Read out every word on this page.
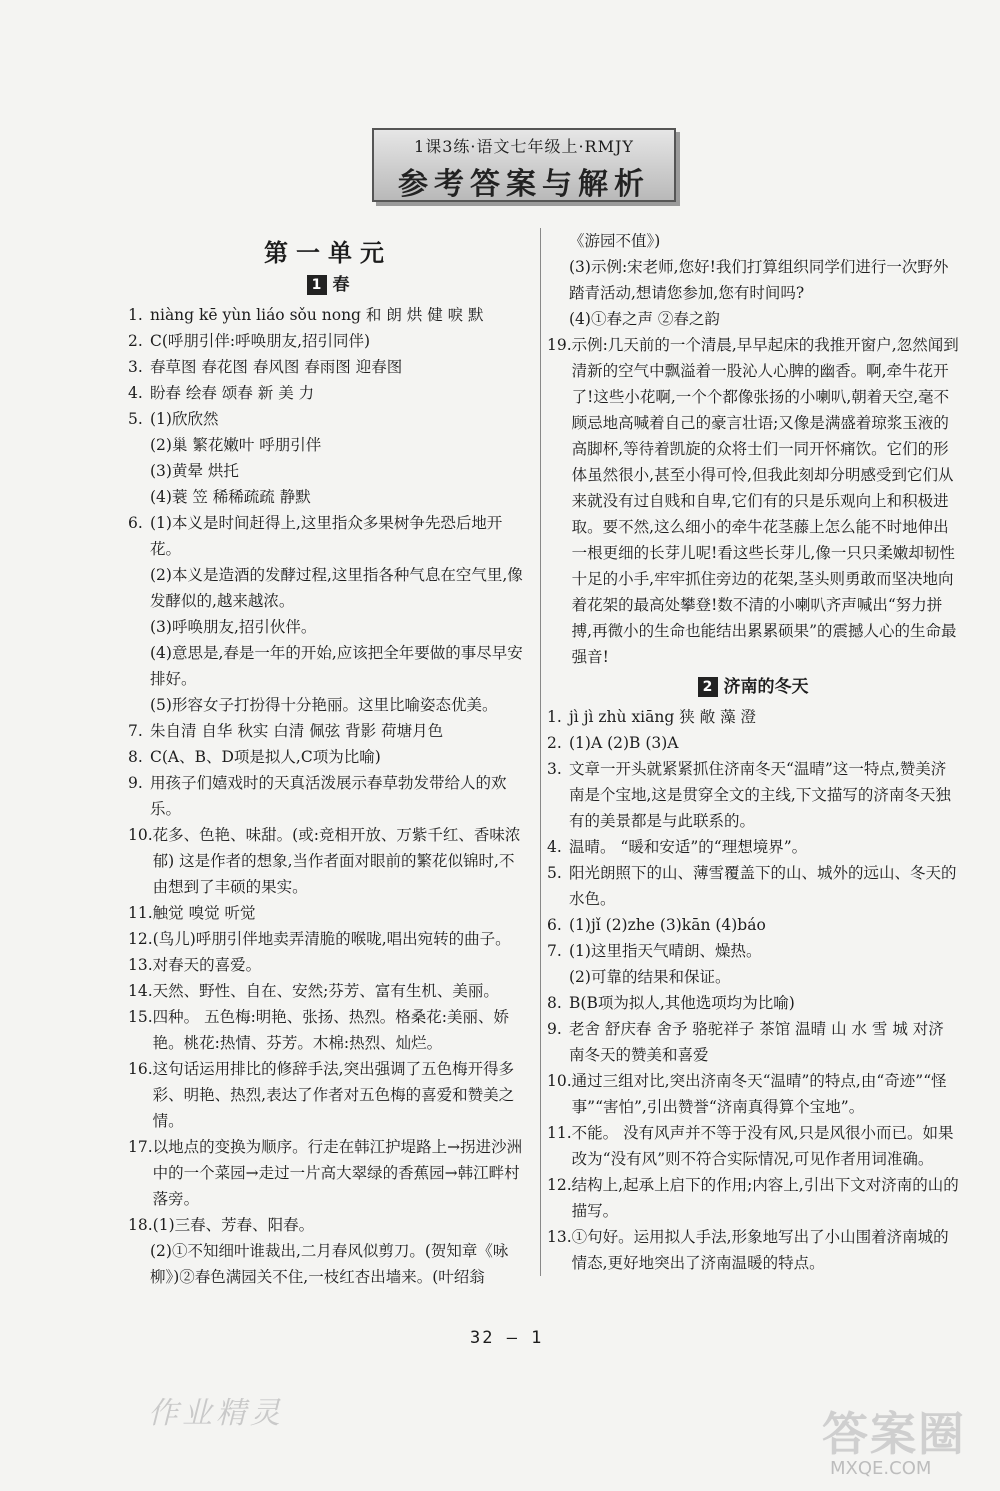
1课3练·语文七年级上·RMJY
参考答案与解析
第一单元
1 春
1. niàng kē yùn liáo sǒu nong 和 朗 烘 健 唳 默
2. C(呼朋引伴:呼唤朋友,招引同伴)
3. 春草图 春花图 春风图 春雨图 迎春图
4. 盼春 绘春 颂春 新 美 力
5. (1)欣欣然
(2)巢 繁花嫩叶 呼朋引伴
(3)黄晕 烘托
(4)蓑 笠 稀稀疏疏 静默
6. (1)本义是时间赶得上,这里指众多果树争先恐后地开花。
(2)本义是造酒的发酵过程,这里指各种气息在空气里,像发酵似的,越来越浓。
(3)呼唤朋友,招引伙伴。
(4)意思是,春是一年的开始,应该把全年要做的事尽早安排好。
(5)形容女子打扮得十分艳丽。这里比喻姿态优美。
7. 朱自清 自华 秋实 白清 佩弦 背影 荷塘月色
8. C(A、B、D项是拟人,C项为比喻)
9. 用孩子们嬉戏时的天真活泼展示春草勃发带给人的欢乐。
10. 花多、色艳、味甜。(或:竞相开放、万紫千红、香味浓郁) 这是作者的想象,当作者面对眼前的繁花似锦时,不由想到了丰硕的果实。
11. 触觉 嗅觉 听觉
12. (鸟儿)呼朋引伴地卖弄清脆的喉咙,唱出宛转的曲子。
13. 对春天的喜爱。
14. 天然、野性、自在、安然;芬芳、富有生机、美丽。
15. 四种。 五色梅:明艳、张扬、热烈。格桑花:美丽、娇艳。桃花:热情、芬芳。木棉:热烈、灿烂。
16. 这句话运用排比的修辞手法,突出强调了五色梅开得多彩、明艳、热烈,表达了作者对五色梅的喜爱和赞美之情。
17. 以地点的变换为顺序。行走在韩江护堤路上→拐进沙洲中的一个菜园→走过一片高大翠绿的香蕉园→韩江畔村落旁。
18. (1)三春、芳春、阳春。
(2)①不知细叶谁裁出,二月春风似剪刀。(贺知章《咏柳》)②春色满园关不住,一枝红杏出墙来。(叶绍翁
《游园不值》)
(3)示例:宋老师,您好!我们打算组织同学们进行一次野外踏青活动,想请您参加,您有时间吗?
(4)①春之声 ②春之韵
19. 示例:几天前的一个清晨,早早起床的我推开窗户,忽然闻到清新的空气中飘溢着一股沁人心脾的幽香。啊,牵牛花开了!这些小花啊,一个个都像张扬的小喇叭,朝着天空,毫不顾忌地高喊着自己的豪言壮语;又像是满盛着琼浆玉液的高脚杯,等待着凯旋的众将士们一同开怀痛饮。它们的形体虽然很小,甚至小得可怜,但我此刻却分明感受到它们从来就没有过自贱和自卑,它们有的只是乐观向上和积极进取。要不然,这么细小的牵牛花茎藤上怎么能不时地伸出一根更细的长芽儿呢!看这些长芽儿,像一只只柔嫩却韧性十足的小手,牢牢抓住旁边的花架,茎头则勇敢而坚决地向着花架的最高处攀登!数不清的小喇叭齐声喊出“努力拼搏,再微小的生命也能结出累累硕果”的震撼人心的生命最强音!
2 济南的冬天
1. jì jì zhù xiāng 狭 敞 藻 澄
2. (1)A (2)B (3)A
3. 文章一开头就紧紧抓住济南冬天“温晴”这一特点,赞美济南是个宝地,这是贯穿全文的主线,下文描写的济南冬天独有的美景都是与此联系的。
4. 温晴。 “暖和安适”的“理想境界”。
5. 阳光朗照下的山、薄雪覆盖下的山、城外的远山、冬天的水色。
6. (1)jǐ (2)zhe (3)kān (4)báo
7. (1)这里指天气晴朗、燥热。
(2)可靠的结果和保证。
8. B(B项为拟人,其他选项均为比喻)
9. 老舍 舒庆春 舍予 骆驼祥子 茶馆 温晴 山 水 雪 城 对济南冬天的赞美和喜爱
10. 通过三组对比,突出济南冬天“温晴”的特点,由“奇迹”“怪事”“害怕”,引出赞誉“济南真得算个宝地”。
11. 不能。 没有风声并不等于没有风,只是风很小而已。如果改为“没有风”则不符合实际情况,可见作者用词准确。
12. 结构上,起承上启下的作用;内容上,引出下文对济南的山的描写。
13. ①句好。运用拟人手法,形象地写出了小山围着济南城的情态,更好地突出了济南温暖的特点。
32 — 1
作业精灵	答案圈
MXQE.COM
